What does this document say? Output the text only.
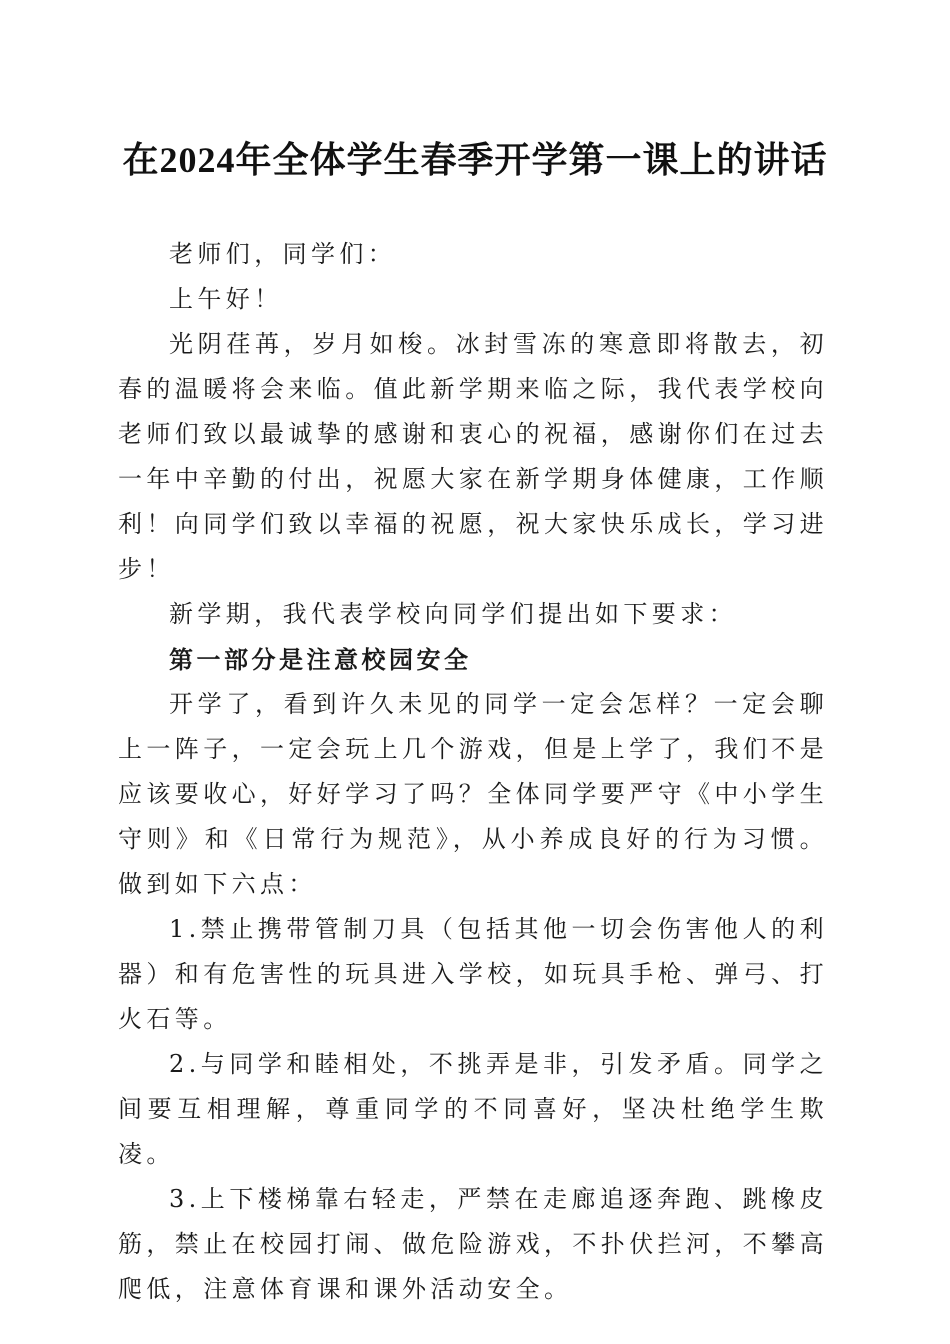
在2024年全体学生春季开学第一课上的讲话

老师们，同学们：

上午好！

光阴荏苒，岁月如梭。冰封雪冻的寒意即将散去，初春的温暖将会来临。值此新学期来临之际，我代表学校向老师们致以最诚挚的感谢和衷心的祝福，感谢你们在过去一年中辛勤的付出，祝愿大家在新学期身体健康，工作顺利！向同学们致以幸福的祝愿，祝大家快乐成长，学习进步！

新学期，我代表学校向同学们提出如下要求：

第一部分是注意校园安全

开学了，看到许久未见的同学一定会怎样？一定会聊上一阵子，一定会玩上几个游戏，但是上学了，我们不是应该要收心，好好学习了吗？全体同学要严守《中小学生守则》和《日常行为规范》，从小养成良好的行为习惯。做到如下六点：

1.禁止携带管制刀具（包括其他一切会伤害他人的利器）和有危害性的玩具进入学校，如玩具手枪、弹弓、打火石等。

2.与同学和睦相处，不挑弄是非，引发矛盾。同学之间要互相理解，尊重同学的不同喜好，坚决杜绝学生欺凌。

3.上下楼梯靠右轻走，严禁在走廊追逐奔跑、跳橡皮筋，禁止在校园打闹、做危险游戏，不扑伏拦河，不攀高爬低，注意体育课和课外活动安全。
